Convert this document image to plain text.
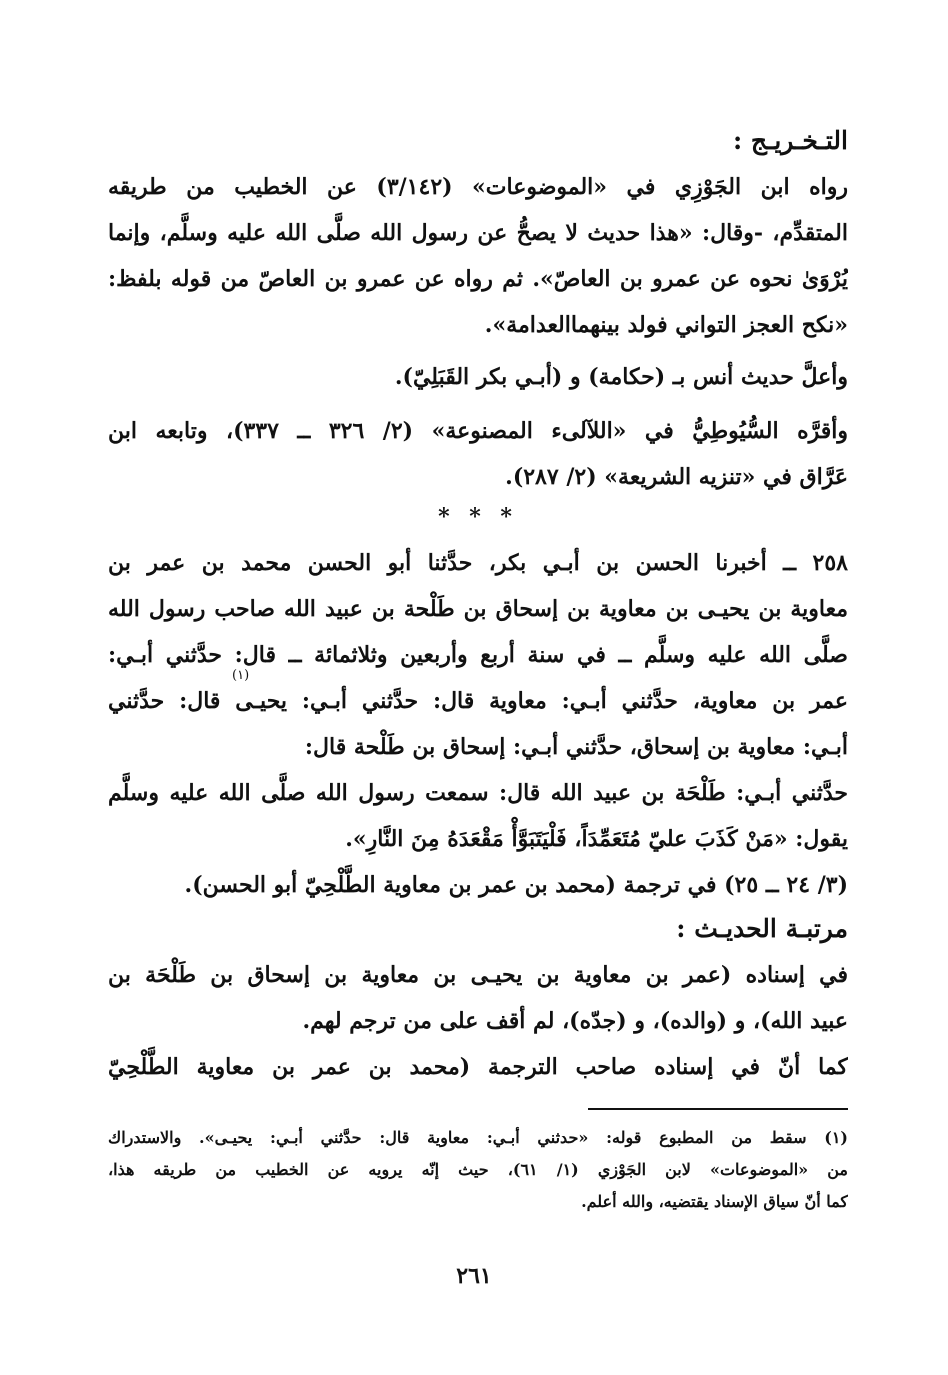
التـخـريـج :
رواه ابن الجَوْزِي في «الموضوعات» (٣/١٤٢) عن الخطيب من طريقه
المتقدِّم، -وقال: «هذا حديث لا يصحُّ عن رسول الله صلَّى الله عليه وسلَّم، وإنما
يُرْوَىٰ نحوه عن عمرو بن العاصّ». ثم رواه عن عمرو بن العاصّ من قوله بلفظ:
«نكح العجز التواني فولد بينهماالعدامة».
وأعلَّ حديث أنس بـ (حكامة) و (أبـي بكر القَبَلِيّ).
وأقرَّه السُّيُوطِيُّ في «اللآلىء المصنوعة» (٢/ ٣٢٦ ــ ٣٣٧)، وتابعه ابن
عَرَّاق في «تنزيه الشريعة» (٢/ ٢٨٧).
* * *
٢٥٨ ــ أخبرنا الحسن بن أبـي بكر، حدَّثنا أبو الحسن محمد بن عمر بن
معاوية بن يحيـى بن معاوية بن إسحاق بن طَلْحة بن عبيد الله صاحب رسول الله
صلَّى الله عليه وسلَّم ــ في سنة أربع وأربعين وثلاثمائة ــ قال: حدَّثني أبـي:
عمر بن معاوية، حدَّثني أبـي: معاوية قال: حدَّثني أبـي: يحيـى قال: حدَّثني
أبـي: معاوية بن إسحاق، حدَّثني أبـي: إسحاق بن طَلْحة قال:
حدَّثني أبـي: طَلْحَة بن عبيد الله قال: سمعت رسول الله صلَّى الله عليه وسلَّم
يقول: «مَنْ كَذَبَ عليّ مُتَعَمِّدَاً، فَلْيَتَبَوَّأْ مَقْعَدَهُ مِنَ النَّارِ».
(٣/ ٢٤ ــ ٢٥) في ترجمة (محمد بن عمر بن معاوية الطَّلْحِيّ أبو الحسن).
(١)
مرتبـة الحديـث :
في إسناده (عمر بن معاوية بن يحيـى بن معاوية بن إسحاق بن طَلْحَة بن
عبيد الله)، و (والده)، و (جدّه)، لم أقف على من ترجم لهم.
كما أنّ في إسناده صاحب الترجمة (محمد بن عمر بن معاوية الطَّلْحِيّ
(١) سقط من المطبوع قوله: «حدثني أبـي: معاوية قال: حدَّثني أبـي: يحيـى». والاستدراك
من «الموضوعات» لابن الجَوْزي (١/ ٦١)، حيث إنّه يرويه عن الخطيب من طريقه هذا،
كما أنّ سياق الإسناد يقتضيه، والله أعلم.
٢٦١
